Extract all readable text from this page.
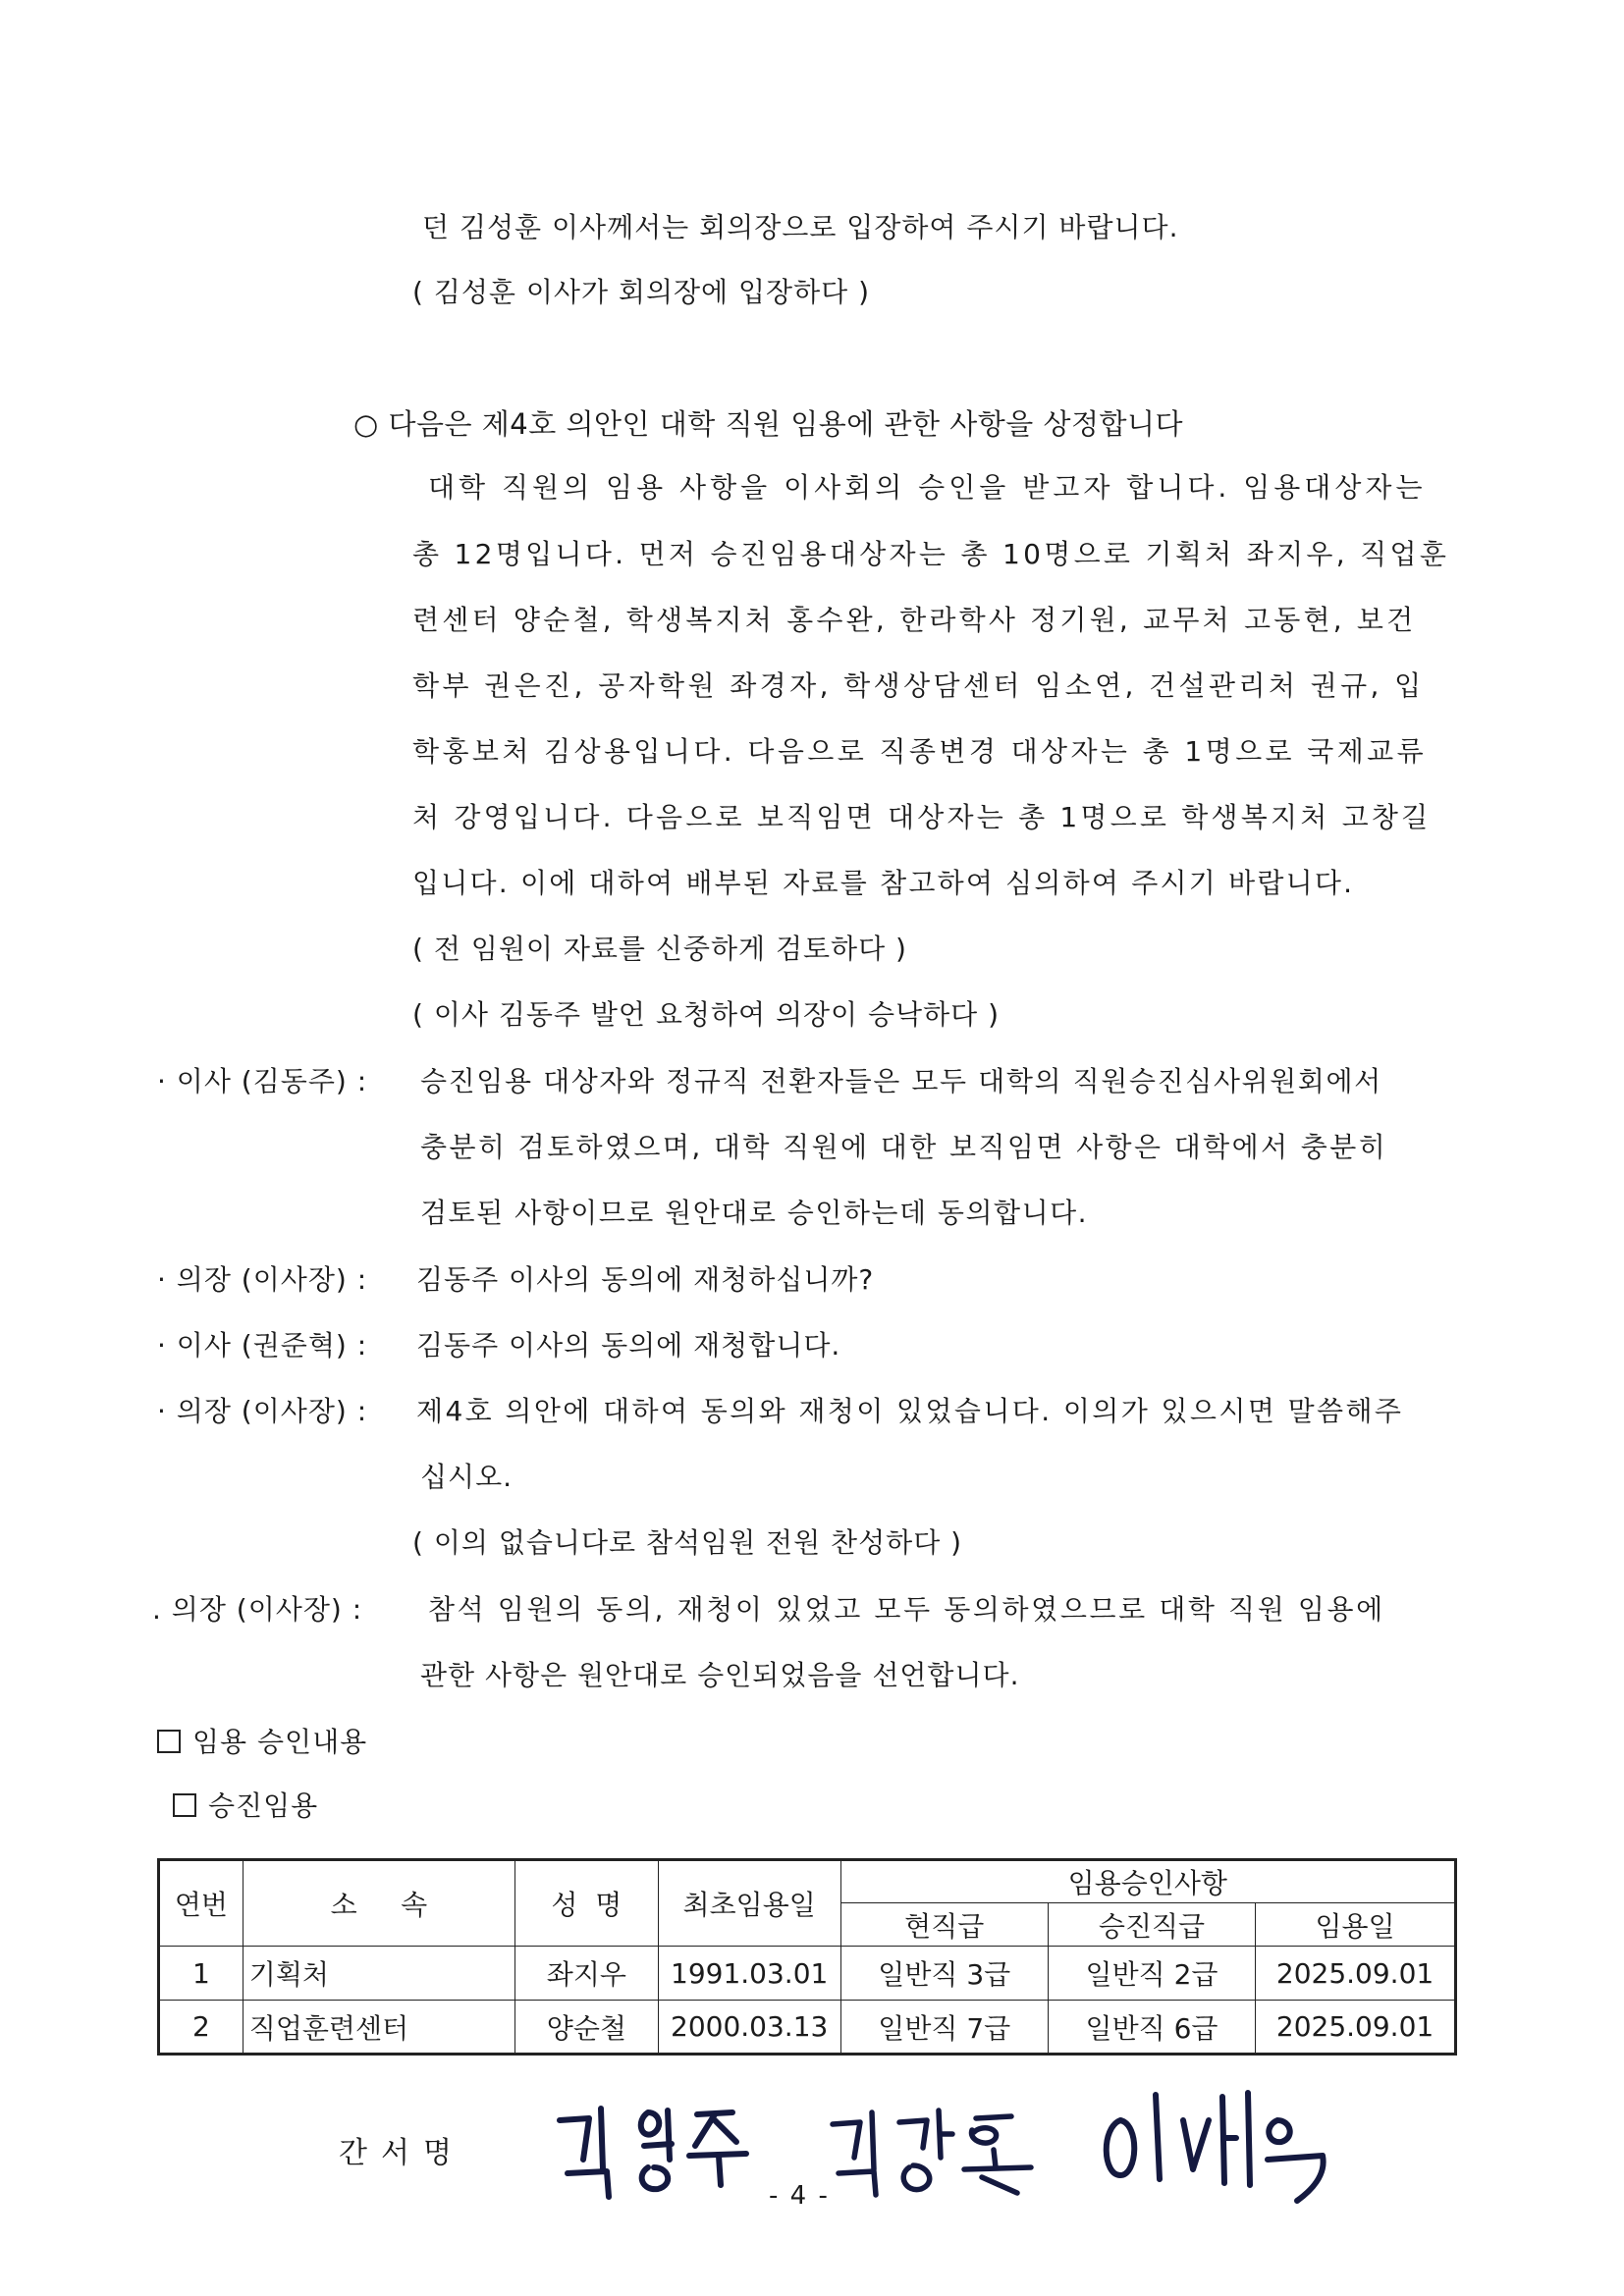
던 김성훈 이사께서는 회의장으로 입장하여 주시기 바랍니다.
( 김성훈 이사가 회의장에 입장하다 )
○ 다음은 제4호 의안인 대학 직원 임용에 관한 사항을 상정합니다
대학 직원의 임용 사항을 이사회의 승인을 받고자 합니다. 임용대상자는
총 12명입니다. 먼저 승진임용대상자는 총 10명으로 기획처 좌지우, 직업훈
련센터 양순철, 학생복지처 홍수완, 한라학사 정기원, 교무처 고동현, 보건
학부 권은진, 공자학원 좌경자, 학생상담센터 임소연, 건설관리처 권규, 입
학홍보처 김상용입니다. 다음으로 직종변경 대상자는 총 1명으로 국제교류
처 강영입니다. 다음으로 보직임면 대상자는 총 1명으로 학생복지처 고창길
입니다. 이에 대하여 배부된 자료를 참고하여 심의하여 주시기 바랍니다.
( 전 임원이 자료를 신중하게 검토하다 )
( 이사 김동주 발언 요청하여 의장이 승낙하다 )
· 이사 (김동주) : 승진임용 대상자와 정규직 전환자들은 모두 대학의 직원승진심사위원회에서
충분히 검토하였으며, 대학 직원에 대한 보직임면 사항은 대학에서 충분히
검토된 사항이므로 원안대로 승인하는데 동의합니다.
· 의장 (이사장) : 김동주 이사의 동의에 재청하십니까?
· 이사 (권준혁) : 김동주 이사의 동의에 재청합니다.
· 의장 (이사장) : 제4호 의안에 대하여 동의와 재청이 있었습니다. 이의가 있으시면 말씀해주
십시오.
( 이의 없습니다로 참석임원 전원 찬성하다 )
. 의장 (이사장) : 참석 임원의 동의, 재청이 있었고 모두 동의하였으므로 대학 직원 임용에
관한 사항은 원안대로 승인되었음을 선언합니다.
임용 승인내용
승진임용
연번	소     속	성  명	최초임용일	임용승인사항		
				현직급	승진직급	임용일
1	기획처	좌지우	1991.03.01	일반직 3급	일반직 2급	2025.09.01
2	직업훈련센터	양순철	2000.03.13	일반직 7급	일반직 6급	2025.09.01
간서명
- 4 -
